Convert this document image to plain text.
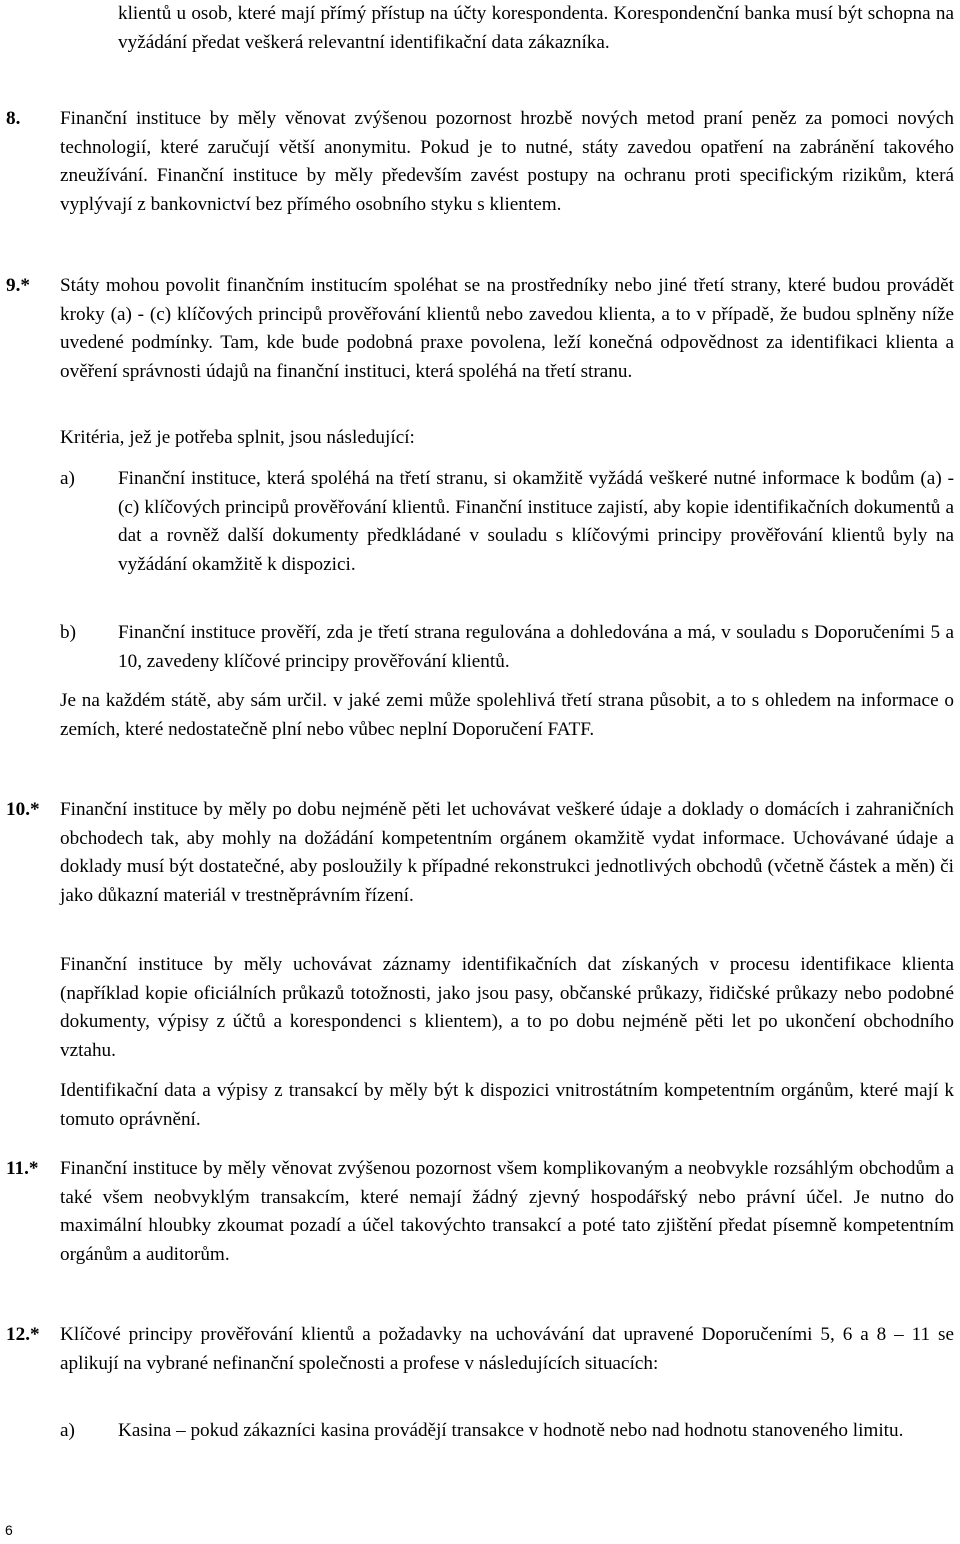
klientů u osob, které mají přímý přístup na účty korespondenta. Korespondenční banka musí být schopna na vyžádání předat veškerá relevantní identifikační data zákazníka.

8. Finanční instituce by měly věnovat zvýšenou pozornost hrozbě nových metod praní peněz za pomoci nových technologií, které zaručují větší anonymitu. Pokud je to nutné, státy zavedou opatření na zabránění takového zneužívání. Finanční instituce by měly především zavést postupy na ochranu proti specifickým rizikům, která vyplývají z bankovnictví bez přímého osobního styku s klientem.

9.* Státy mohou povolit finančním institucím spoléhat se na prostředníky nebo jiné třetí strany, které budou provádět kroky (a) - (c) klíčových principů prověřování klientů nebo zavedou klienta, a to v případě, že budou splněny níže uvedené podmínky. Tam, kde bude podobná praxe povolena, leží konečná odpovědnost za identifikaci klienta a ověření správnosti údajů na finanční instituci, která spoléhá na třetí stranu.

Kritéria, jež je potřeba splnit, jsou následující:

a) Finanční instituce, která spoléhá na třetí stranu, si okamžitě vyžádá veškeré nutné informace k bodům (a) - (c) klíčových principů prověřování klientů. Finanční instituce zajistí, aby kopie identifikačních dokumentů a dat a rovněž další dokumenty předkládané v souladu s klíčovými principy prověřování klientů byly na vyžádání okamžitě k dispozici.

b) Finanční instituce prověří, zda je třetí strana regulována a dohledována a má, v souladu s Doporučeními 5 a 10, zavedeny klíčové principy prověřování klientů.

Je na každém státě, aby sám určil. v jaké zemi může spolehlivá třetí strana působit, a to s ohledem na informace o zemích, které nedostatečně plní nebo vůbec neplní Doporučení FATF.

10.* Finanční instituce by měly po dobu nejméně pěti let uchovávat veškeré údaje a doklady o domácích i zahraničních obchodech tak, aby mohly na dožádání kompetentním orgánem okamžitě vydat informace. Uchovávané údaje a doklady musí být dostatečné, aby posloužily k případné rekonstrukci jednotlivých obchodů (včetně částek a měn) či jako důkazní materiál v trestněprávním řízení.

Finanční instituce by měly uchovávat záznamy identifikačních dat získaných v procesu identifikace klienta (například kopie oficiálních průkazů totožnosti, jako jsou pasy, občanské průkazy, řidičské průkazy nebo podobné dokumenty, výpisy z účtů a korespondenci s klientem), a to po dobu nejméně pěti let po ukončení obchodního vztahu.

Identifikační data a výpisy z transakcí by měly být k dispozici vnitrostátním kompetentním orgánům, které mají k tomuto oprávnění.

11.* Finanční instituce by měly věnovat zvýšenou pozornost všem komplikovaným a neobvykle rozsáhlým obchodům a také všem neobvyklým transakcím, které nemají žádný zjevný hospodářský nebo právní účel. Je nutno do maximální hloubky zkoumat pozadí a účel takovýchto transakcí a poté tato zjištění předat písemně kompetentním orgánům a auditorům.

12.* Klíčové principy prověřování klientů a požadavky na uchovávání dat upravené Doporučeními 5, 6 a 8 – 11 se aplikují na vybrané nefinanční společnosti a profese v následujících situacích:

a) Kasina – pokud zákazníci kasina provádějí transakce v hodnotě nebo nad hodnotu stanoveného limitu.

6
